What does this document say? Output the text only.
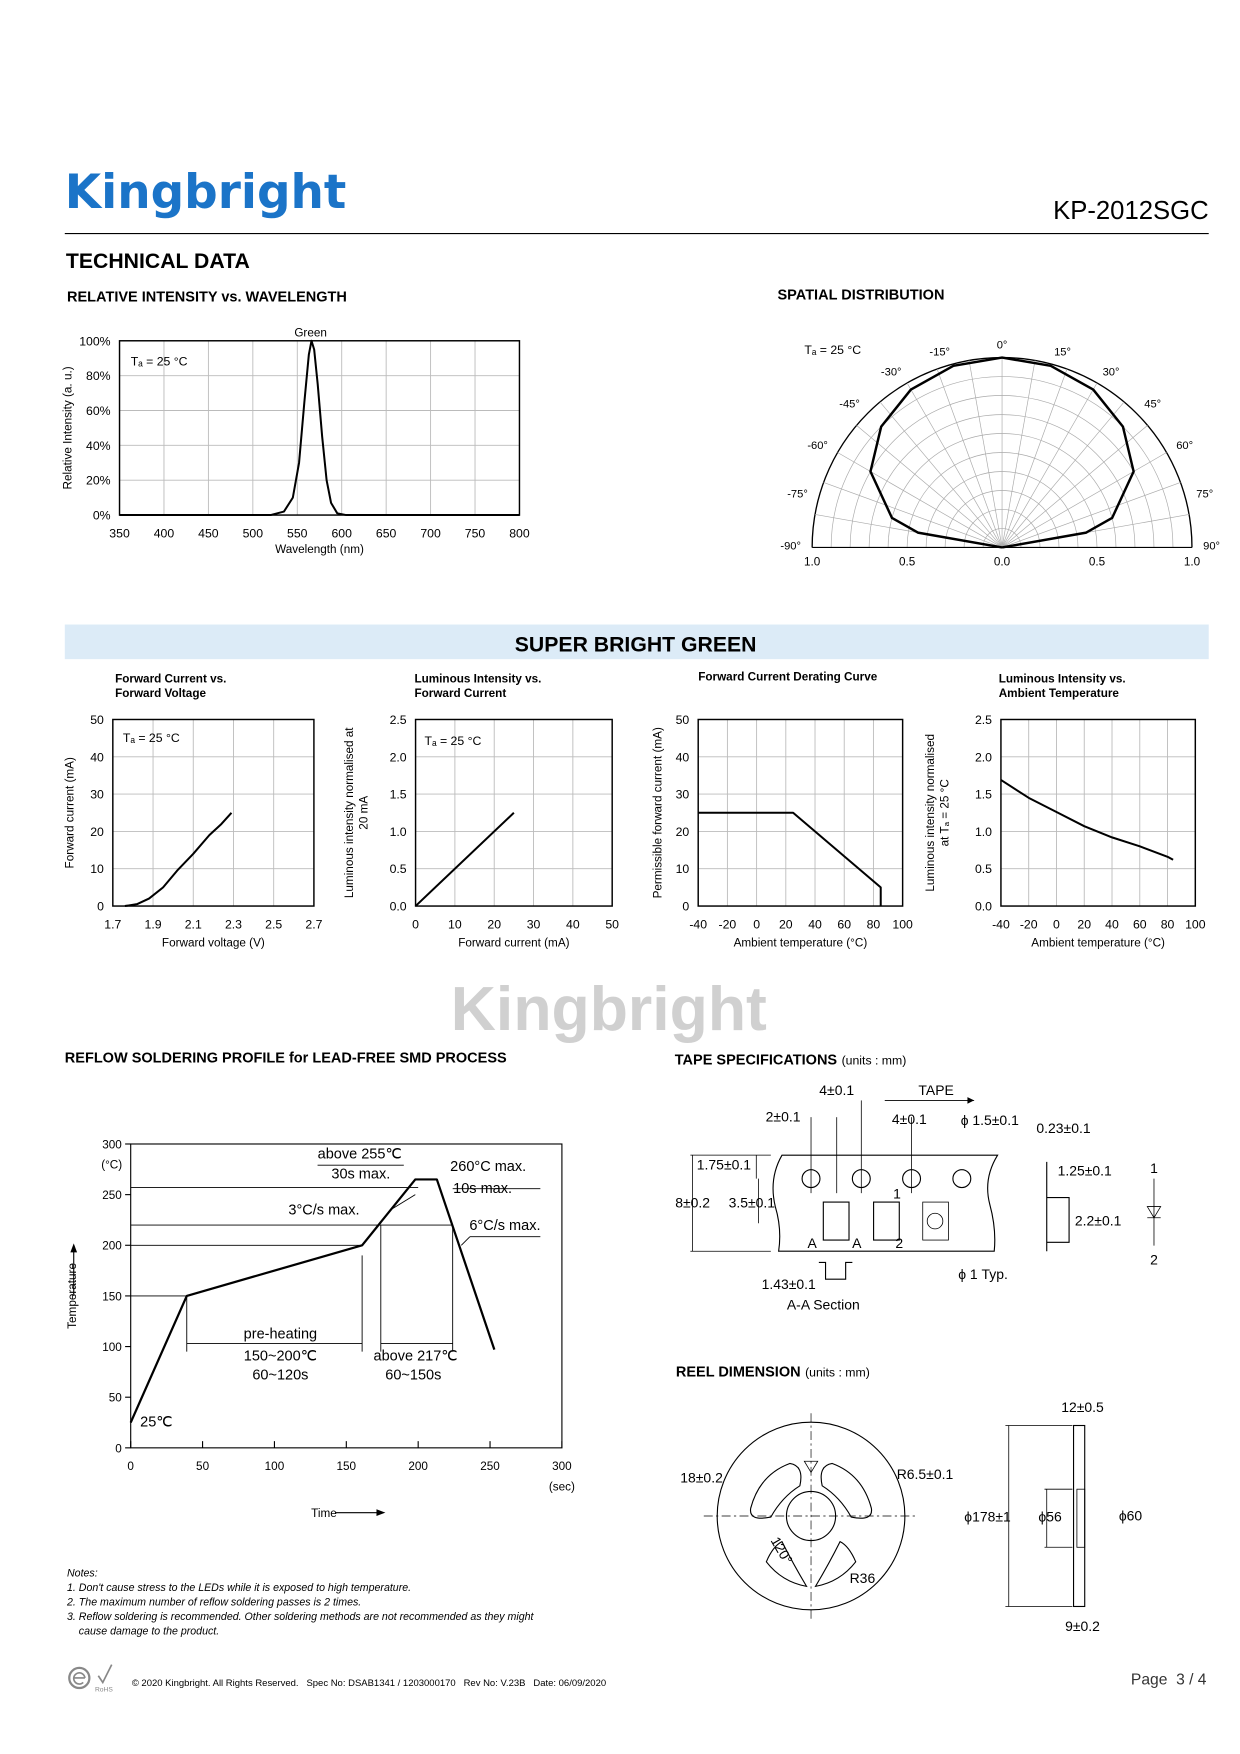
Kingbright
Kingbright	KP-2012SGC
TECHNICAL DATA
SUPER BRIGHT GREEN
350 400 450 500 550 600 650 700 750 800
0%
20%
40%
60%
80%
100%
RELATIVE INTENSITY vs. WAVELENGTH
Relative Intensity (a. u.)
Wavelength (nm)
Tₐ = 25 °C
Green
-90°
-75°
-60°
-45°
-30°
-15°
0°
15°
30°
45°
60°
75°
90°
1.0	0.5	0.0	0.5	1.0
Tₐ = 25 °C
SPATIAL DISTRIBUTION
1.7 1.9 2.1 2.3 2.5 2.7
0
10
20
30
40
50
Forward Current vs.
Forward Voltage
Forward current (mA)
Forward voltage (V)
Tₐ = 25 °C
0	10 20 30 40 50
0.0
0.5
1.0
1.5
2.0
2.5
Luminous Intensity vs.
Forward Current
Luminous intensity normalised at 20 mA
Forward current (mA)
Tₐ = 25 °C
-40 -20 0 20 40 60 80 100
0
10
20
30
40
50
Forward Current Derating Curve
Permissible forward current (mA)
Ambient temperature (°C)
-40 -20 0 20 40 60 80 100
0.0
0.5
1.0
1.5
2.0
2.5
Luminous Intensity vs.
Ambient Temperature
Luminous intensity normalised at Tₐ = 25 °C
Ambient temperature (°C)
0	50	100	150	200	250	300
0
50
100
150
200
250
300
REFLOW SOLDERING PROFILE for LEAD-FREE SMD PROCESS
Temperature
Time
above 255℃
30s max.	260°C max.
10s max.
3°C/s max.
6°C/s max.
pre-heating
150~200℃
60~120s
above 217℃
60~150s
25℃
(sec)
(°C)
TAPE SPECIFICATIONS (units : mm)
4±0.1	TAPE
2±0.1	4±0.1	ϕ 1.5±0.1 0.23±0.1
1.75±0.1
8±0.2 3.5±0.1
1.25±0.1
2.2±0.1
1.43±0.1
A-A Section
ϕ 1 Typ.
A	A
1
2
1
2
REEL DIMENSION (units : mm)
18±0.2	R6.5±0.1
120°
R36
12±0.5
ϕ178±1 ϕ56	ϕ60
9±0.2
Notes:
1. Don't cause stress to the LEDs while it is exposed to high temperature.
2. The maximum number of reflow soldering passes is 2 times.
3. Reflow soldering is recommended. Other soldering methods are not recommended as they might
cause damage to the product.
RoHS
© 2020 Kingbright. All Rights Reserved.   Spec No: DSAB1341 / 1203000170   Rev No: V.23B   Date: 06/09/2020	Page  3 / 4
